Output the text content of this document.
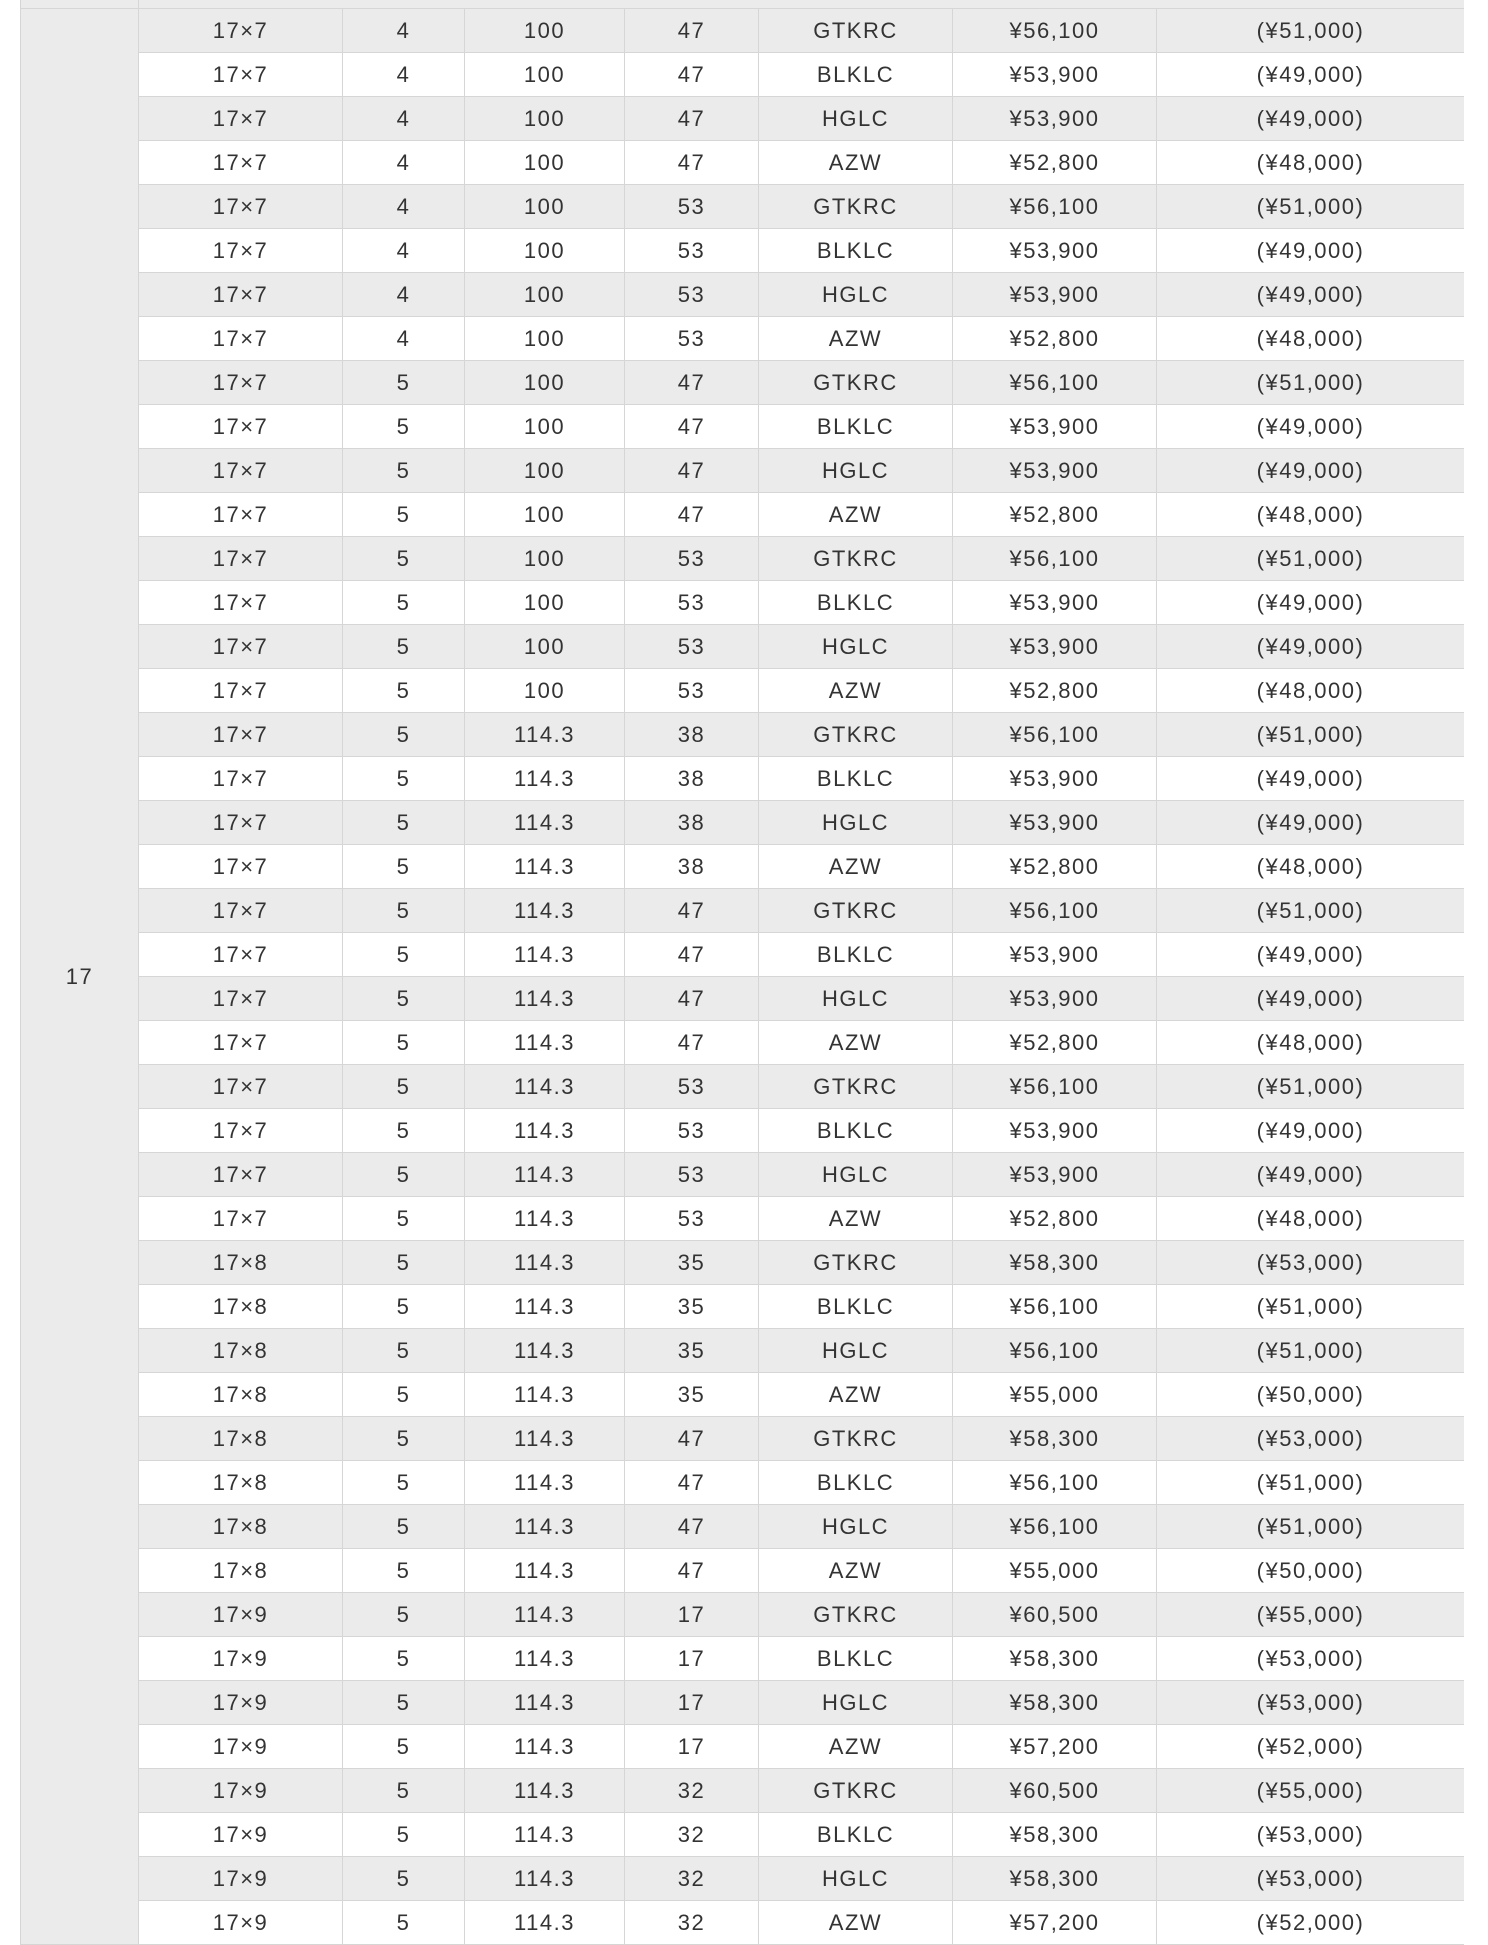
17	17×7	4	100	47	GTKRC	¥56,100	(¥51,000)
	17×7	4	100	47	BLKLC	¥53,900	(¥49,000)
	17×7	4	100	47	HGLC	¥53,900	(¥49,000)
	17×7	4	100	47	AZW	¥52,800	(¥48,000)
	17×7	4	100	53	GTKRC	¥56,100	(¥51,000)
	17×7	4	100	53	BLKLC	¥53,900	(¥49,000)
	17×7	4	100	53	HGLC	¥53,900	(¥49,000)
	17×7	4	100	53	AZW	¥52,800	(¥48,000)
	17×7	5	100	47	GTKRC	¥56,100	(¥51,000)
	17×7	5	100	47	BLKLC	¥53,900	(¥49,000)
	17×7	5	100	47	HGLC	¥53,900	(¥49,000)
	17×7	5	100	47	AZW	¥52,800	(¥48,000)
	17×7	5	100	53	GTKRC	¥56,100	(¥51,000)
	17×7	5	100	53	BLKLC	¥53,900	(¥49,000)
	17×7	5	100	53	HGLC	¥53,900	(¥49,000)
	17×7	5	100	53	AZW	¥52,800	(¥48,000)
	17×7	5	114.3	38	GTKRC	¥56,100	(¥51,000)
	17×7	5	114.3	38	BLKLC	¥53,900	(¥49,000)
	17×7	5	114.3	38	HGLC	¥53,900	(¥49,000)
	17×7	5	114.3	38	AZW	¥52,800	(¥48,000)
	17×7	5	114.3	47	GTKRC	¥56,100	(¥51,000)
	17×7	5	114.3	47	BLKLC	¥53,900	(¥49,000)
	17×7	5	114.3	47	HGLC	¥53,900	(¥49,000)
	17×7	5	114.3	47	AZW	¥52,800	(¥48,000)
	17×7	5	114.3	53	GTKRC	¥56,100	(¥51,000)
	17×7	5	114.3	53	BLKLC	¥53,900	(¥49,000)
	17×7	5	114.3	53	HGLC	¥53,900	(¥49,000)
	17×7	5	114.3	53	AZW	¥52,800	(¥48,000)
	17×8	5	114.3	35	GTKRC	¥58,300	(¥53,000)
	17×8	5	114.3	35	BLKLC	¥56,100	(¥51,000)
	17×8	5	114.3	35	HGLC	¥56,100	(¥51,000)
	17×8	5	114.3	35	AZW	¥55,000	(¥50,000)
	17×8	5	114.3	47	GTKRC	¥58,300	(¥53,000)
	17×8	5	114.3	47	BLKLC	¥56,100	(¥51,000)
	17×8	5	114.3	47	HGLC	¥56,100	(¥51,000)
	17×8	5	114.3	47	AZW	¥55,000	(¥50,000)
	17×9	5	114.3	17	GTKRC	¥60,500	(¥55,000)
	17×9	5	114.3	17	BLKLC	¥58,300	(¥53,000)
	17×9	5	114.3	17	HGLC	¥58,300	(¥53,000)
	17×9	5	114.3	17	AZW	¥57,200	(¥52,000)
	17×9	5	114.3	32	GTKRC	¥60,500	(¥55,000)
	17×9	5	114.3	32	BLKLC	¥58,300	(¥53,000)
	17×9	5	114.3	32	HGLC	¥58,300	(¥53,000)
	17×9	5	114.3	32	AZW	¥57,200	(¥52,000)
